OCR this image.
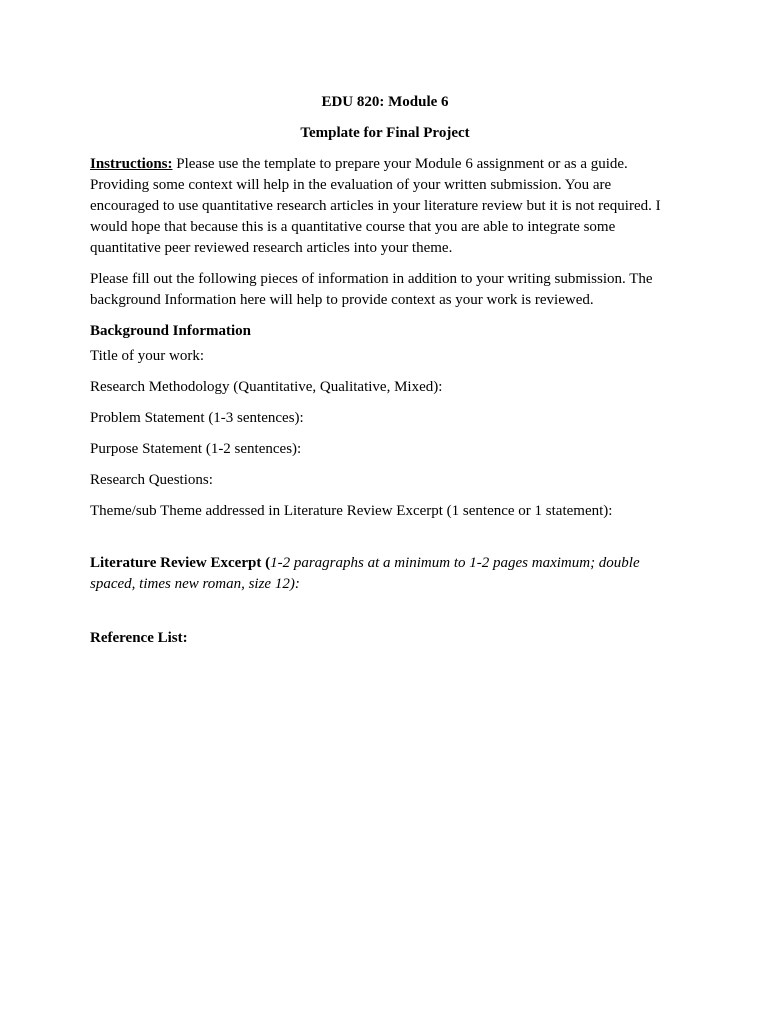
EDU 820: Module 6

Template for Final Project

Instructions: Please use the template to prepare your Module 6 assignment or as a guide. Providing some context will help in the evaluation of your written submission. You are encouraged to use quantitative research articles in your literature review but it is not required. I would hope that because this is a quantitative course that you are able to integrate some quantitative peer reviewed research articles into your theme.

Please fill out the following pieces of information in addition to your writing submission. The background Information here will help to provide context as your work is reviewed.

Background Information

Title of your work:

Research Methodology (Quantitative, Qualitative, Mixed):

Problem Statement (1-3 sentences):

Purpose Statement (1-2 sentences):

Research Questions:

Theme/sub Theme addressed in Literature Review Excerpt (1 sentence or 1 statement):

Literature Review Excerpt (1-2 paragraphs at a minimum to 1-2 pages maximum; double spaced, times new roman, size 12):

Reference List:
